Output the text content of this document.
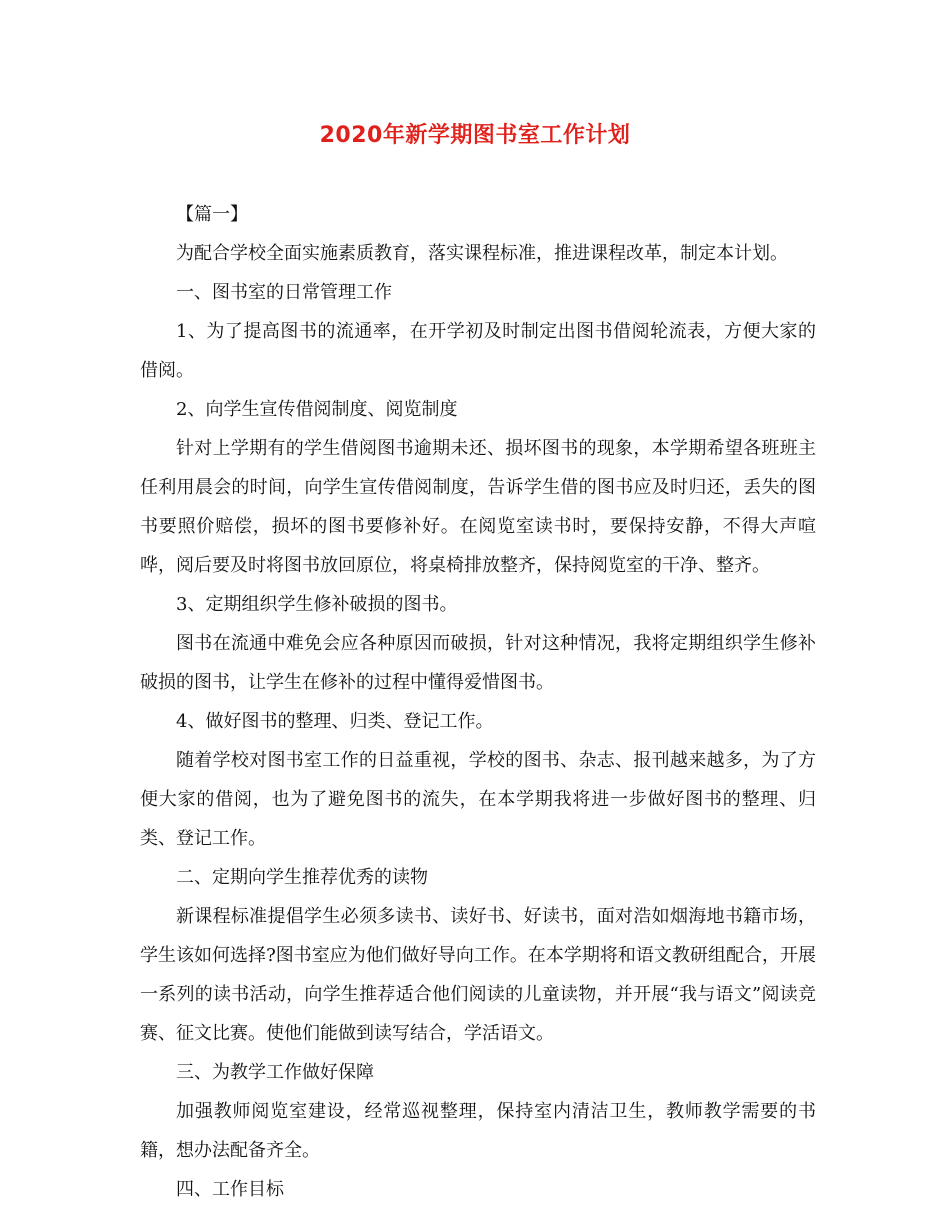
2020年新学期图书室工作计划

【篇一】

为配合学校全面实施素质教育，落实课程标准，推进课程改革，制定本计划。

一、图书室的日常管理工作

1、为了提高图书的流通率，在开学初及时制定出图书借阅轮流表，方便大家的借阅。

2、向学生宣传借阅制度、阅览制度

针对上学期有的学生借阅图书逾期未还、损坏图书的现象，本学期希望各班班主任利用晨会的时间，向学生宣传借阅制度，告诉学生借的图书应及时归还，丢失的图书要照价赔偿，损坏的图书要修补好。在阅览室读书时，要保持安静，不得大声喧哗，阅后要及时将图书放回原位，将桌椅排放整齐，保持阅览室的干净、整齐。

3、定期组织学生修补破损的图书。

图书在流通中难免会应各种原因而破损，针对这种情况，我将定期组织学生修补破损的图书，让学生在修补的过程中懂得爱惜图书。

4、做好图书的整理、归类、登记工作。

随着学校对图书室工作的日益重视，学校的图书、杂志、报刊越来越多，为了方便大家的借阅，也为了避免图书的流失，在本学期我将进一步做好图书的整理、归类、登记工作。

二、定期向学生推荐优秀的读物

新课程标准提倡学生必须多读书、读好书、好读书，面对浩如烟海地书籍市场，学生该如何选择?图书室应为他们做好导向工作。在本学期将和语文教研组配合，开展一系列的读书活动，向学生推荐适合他们阅读的儿童读物，并开展“我与语文”阅读竞赛、征文比赛。使他们能做到读写结合，学活语文。

三、为教学工作做好保障

加强教师阅览室建设，经常巡视整理，保持室内清洁卫生，教师教学需要的书籍，想办法配备齐全。

四、工作目标
